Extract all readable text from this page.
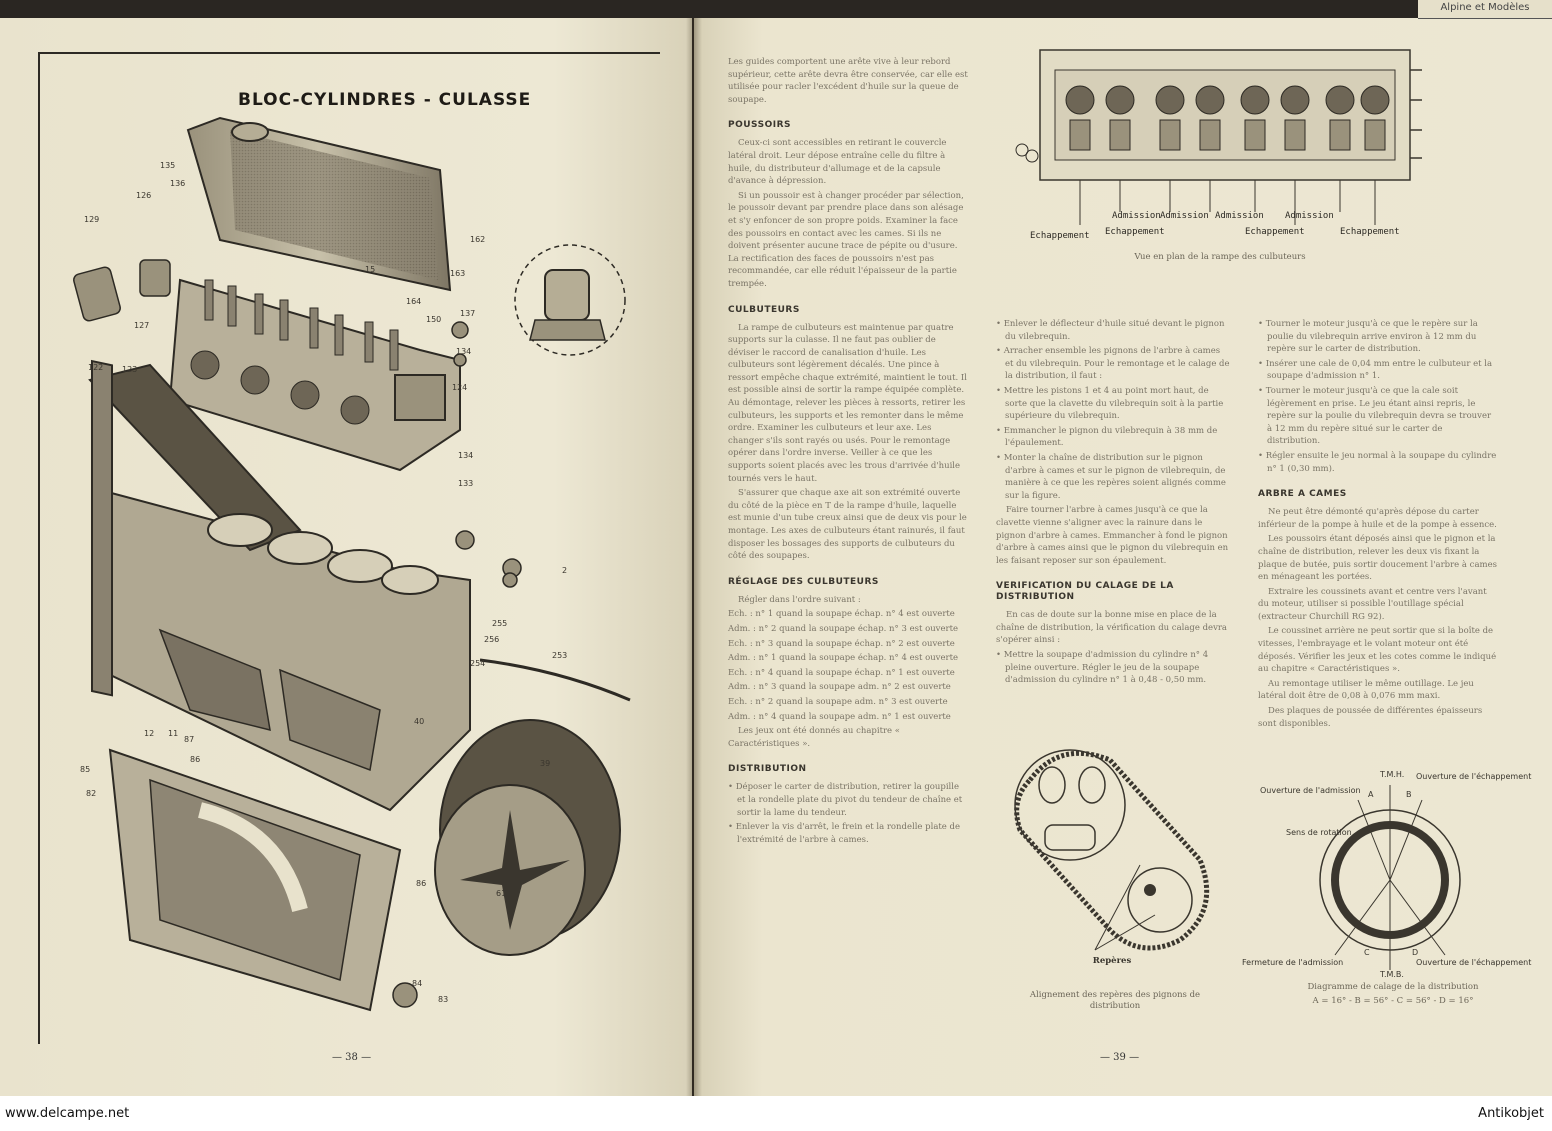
BLOC-CYLINDRES - CULASSE
129
126
135
136
162
163
164
15
127
150
137
134
122 123
124
134
133
2
255
256
254
253
12 11
87
86
85
82
40
39
86
84
83
61
— 38 —
Alpine et Modèles
Admission Admission Admission Admission
Echappement Echappement	Echappement	Echappement
Vue en plan de la rampe des culbuteurs

Les guides comportent une arête vive à leur rebord supérieur, cette arête devra être conservée, car elle est utilisée pour racler l'excédent d'huile sur la queue de soupape.

POUSSOIRS

Ceux-ci sont accessibles en retirant le couvercle latéral droit. Leur dépose entraîne celle du filtre à huile, du distributeur d'allumage et de la capsule d'avance à dépression.

Si un poussoir est à changer procéder par sélection, le poussoir devant par prendre place dans son alésage et s'y enfoncer de son propre poids. Examiner la face des poussoirs en contact avec les cames. Si ils ne doivent présenter aucune trace de pépite ou d'usure. La rectification des faces de poussoirs n'est pas recommandée, car elle réduit l'épaisseur de la partie trempée.

CULBUTEURS

La rampe de culbuteurs est maintenue par quatre supports sur la culasse. Il ne faut pas oublier de déviser le raccord de canalisation d'huile. Les culbuteurs sont légèrement décalés. Une pince à ressort empêche chaque extrémité, maintient le tout. Il est possible ainsi de sortir la rampe équipée complète. Au démontage, relever les pièces à ressorts, retirer les culbuteurs, les supports et les remonter dans le même ordre. Examiner les culbuteurs et leur axe. Les changer s'ils sont rayés ou usés. Pour le remontage opérer dans l'ordre inverse. Veiller à ce que les supports soient placés avec les trous d'arrivée d'huile tournés vers le haut.

S'assurer que chaque axe ait son extrémité ouverte du côté de la pièce en T de la rampe d'huile, laquelle est munie d'un tube creux ainsi que de deux vis pour le montage. Les axes de culbuteurs étant rainurés, il faut disposer les bossages des supports de culbuteurs du côté des soupapes.

RÉGLAGE DES CULBUTEURS

Régler dans l'ordre suivant :

Ech. : n° 1 quand la soupape échap. n° 4 est ouverte

Adm. : n° 2 quand la soupape échap. n° 3 est ouverte

Ech. : n° 3 quand la soupape échap. n° 2 est ouverte

Adm. : n° 1 quand la soupape échap. n° 4 est ouverte

Ech. : n° 4 quand la soupape échap. n° 1 est ouverte

Adm. : n° 3 quand la soupape adm. n° 2 est ouverte

Ech. : n° 2 quand la soupape adm. n° 3 est ouverte

Adm. : n° 4 quand la soupape adm. n° 1 est ouverte

Les jeux ont été donnés au chapitre « Caractéristiques ».

DISTRIBUTION

• Déposer le carter de distribution, retirer la goupille et la rondelle plate du pivot du tendeur de chaîne et sortir la lame du tendeur.

• Enlever la vis d'arrêt, le frein et la rondelle plate de l'extrémité de l'arbre à cames.

• Enlever le déflecteur d'huile situé devant le pignon du vilebrequin.

• Arracher ensemble les pignons de l'arbre à cames et du vilebrequin. Pour le remontage et le calage de la distribution, il faut :

• Mettre les pistons 1 et 4 au point mort haut, de sorte que la clavette du vilebrequin soit à la partie supérieure du vilebrequin.

• Emmancher le pignon du vilebrequin à 38 mm de l'épaulement.

• Monter la chaîne de distribution sur le pignon d'arbre à cames et sur le pignon de vilebrequin, de manière à ce que les repères soient alignés comme sur la figure.

Faire tourner l'arbre à cames jusqu'à ce que la clavette vienne s'aligner avec la rainure dans le pignon d'arbre à cames. Emmancher à fond le pignon d'arbre à cames ainsi que le pignon du vilebrequin en les faisant reposer sur son épaulement.

VERIFICATION DU CALAGE DE LA DISTRIBUTION

En cas de doute sur la bonne mise en place de la chaîne de distribution, la vérification du calage devra s'opérer ainsi :

• Mettre la soupape d'admission du cylindre n° 4 pleine ouverture. Régler le jeu de la soupape d'admission du cylindre n° 1 à 0,48 - 0,50 mm.

Repères
Alignement des repères des pignons de distribution

• Tourner le moteur jusqu'à ce que le repère sur la poulie du vilebrequin arrive environ à 12 mm du repère sur le carter de distribution.

• Insérer une cale de 0,04 mm entre le culbuteur et la soupape d'admission n° 1.

• Tourner le moteur jusqu'à ce que la cale soit légèrement en prise. Le jeu étant ainsi repris, le repère sur la poulie du vilebrequin devra se trouver à 12 mm du repère situé sur le carter de distribution.

• Régler ensuite le jeu normal à la soupape du cylindre n° 1 (0,30 mm).

ARBRE A CAMES

Ne peut être démonté qu'après dépose du carter inférieur de la pompe à huile et de la pompe à essence.

Les poussoirs étant déposés ainsi que le pignon et la chaîne de distribution, relever les deux vis fixant la plaque de butée, puis sortir doucement l'arbre à cames en ménageant les portées.

Extraire les coussinets avant et centre vers l'avant du moteur, utiliser si possible l'outillage spécial (extracteur Churchill RG 92).

Le coussinet arrière ne peut sortir que si la boîte de vitesses, l'embrayage et le volant moteur ont été déposés. Vérifier les jeux et les cotes comme le indiqué au chapitre « Caractéristiques ».

Au remontage utiliser le même outillage. Le jeu latéral doit être de 0,08 à 0,076 mm maxi.

Des plaques de poussée de différentes épaisseurs sont disponibles.

T.M.H.
A	B
C	D
T.M.B.
Ouverture de l'admission
Ouverture de l'échappement
Sens de rotation
Fermeture de l'admission	Ouverture de l'échappement
Diagramme de calage de la distribution
A = 16° - B = 56° - C = 56° - D = 16°
— 39 —
www.delcampe.net	Antikobjet
